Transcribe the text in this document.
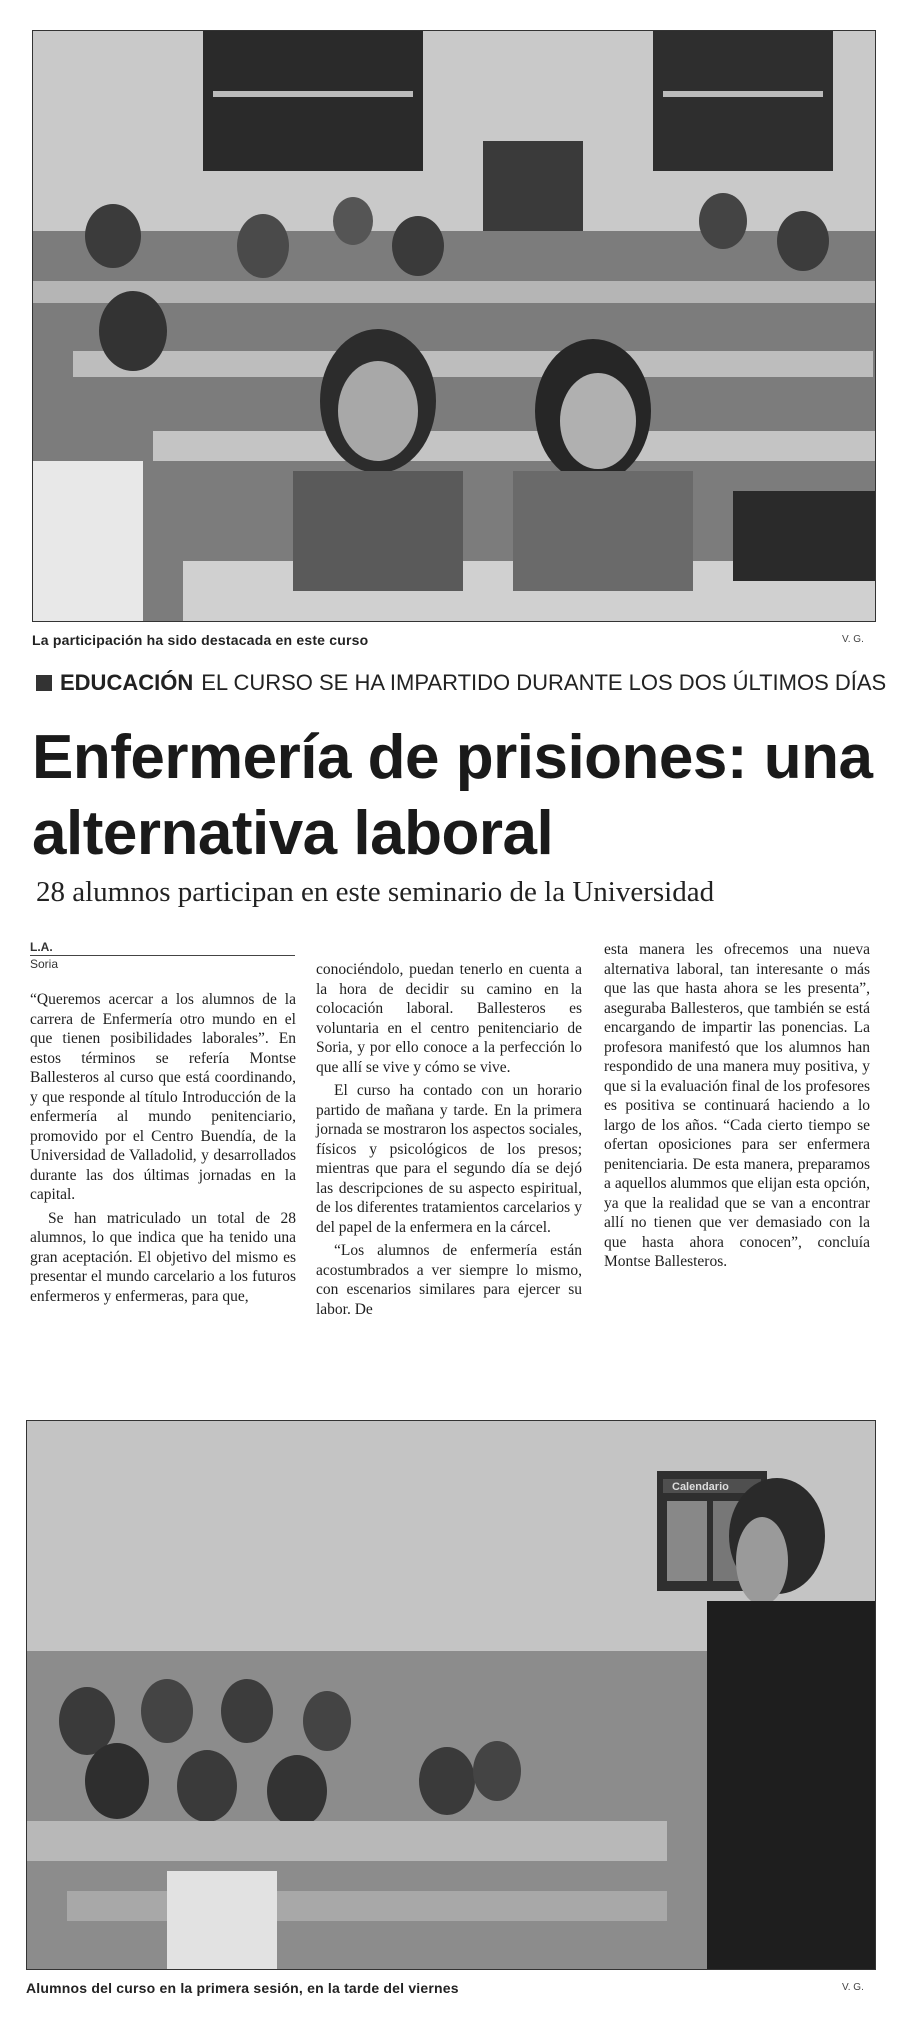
La participación ha sido destacada en este curso	V. G.
EDUCACIÓN EL CURSO SE HA IMPARTIDO DURANTE LOS DOS ÚLTIMOS DÍAS
Enfermería de prisiones: una alternativa laboral
28 alumnos participan en este seminario de la Universidad
L.A.
Soria

“Queremos acercar a los alumnos de la carrera de Enfermería otro mundo en el que tienen posibilidades laborales”. En estos términos se refería Montse Ballesteros al curso que está coordinando, y que responde al título Introducción de la enfermería al mundo penitenciario, promovido por el Centro Buendía, de la Universidad de Valladolid, y desarrollados durante las dos últimas jornadas en la capital.

Se han matriculado un total de 28 alumnos, lo que indica que ha tenido una gran aceptación. El objetivo del mismo es presentar el mundo carcelario a los futuros enfermeros y enfermeras, para que,

conociéndolo, puedan tenerlo en cuenta a la hora de decidir su camino en la colocación laboral. Ballesteros es voluntaria en el centro penitenciario de Soria, y por ello conoce a la perfección lo que allí se vive y cómo se vive.

El curso ha contado con un horario partido de mañana y tarde. En la primera jornada se mostraron los aspectos sociales, físicos y psicológicos de los presos; mientras que para el segundo día se dejó las descripciones de su aspecto espiritual, de los diferentes tratamientos carcelarios y del papel de la enfermera en la cárcel.

“Los alumnos de enfermería están acostumbrados a ver siempre lo mismo, con escenarios similares para ejercer su labor. De

esta manera les ofrecemos una nueva alternativa laboral, tan interesante o más que las que hasta ahora se les presenta”, aseguraba Ballesteros, que también se está encargando de impartir las ponencias. La profesora manifestó que los alumnos han respondido de una manera muy positiva, y que si la evaluación final de los profesores es positiva se continuará haciendo a lo largo de los años. “Cada cierto tiempo se ofertan oposiciones para ser enfermera penitenciaria. De esta manera, preparamos a aquellos alummos que elijan esta opción, ya que la realidad que se van a encontrar allí no tienen que ver demasiado con la que hasta ahora conocen”, concluía Montse Ballesteros.

Calendario
Alumnos del curso en la primera sesión, en la tarde del viernes	V. G.
